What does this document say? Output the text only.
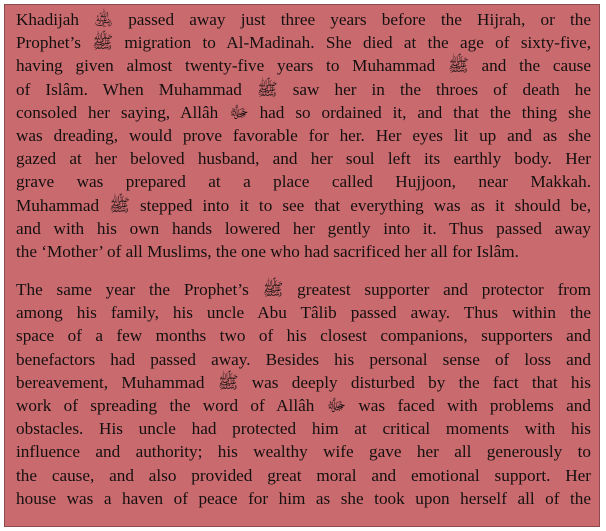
Khadijah ﵁ passed away just three years before the Hijrah, or the
Prophet’s ﷺ migration to Al-Madinah. She died at the age of sixty-five,
having given almost twenty-five years to Muhammad ﷺ and the cause
of Islâm. When Muhammad ﷺ saw her in the throes of death he
consoled her saying, Allâh ﷻ had so ordained it, and that the thing she
was dreading, would prove favorable for her. Her eyes lit up and as she
gazed at her beloved husband, and her soul left its earthly body. Her
grave was prepared at a place called Hujjoon, near Makkah.
Muhammad ﷺ stepped into it to see that everything was as it should be,
and with his own hands lowered her gently into it. Thus passed away
the ‘Mother’ of all Muslims, the one who had sacrificed her all for Islâm.
The same year the Prophet’s ﷺ greatest supporter and protector from
among his family, his uncle Abu Tâlib passed away. Thus within the
space of a few months two of his closest companions, supporters and
benefactors had passed away. Besides his personal sense of loss and
bereavement, Muhammad ﷺ was deeply disturbed by the fact that his
work of spreading the word of Allâh ﷻ was faced with problems and
obstacles. His uncle had protected him at critical moments with his
influence and authority; his wealthy wife gave her all generously to
the cause, and also provided great moral and emotional support. Her
house was a haven of peace for him as she took upon herself all of the
